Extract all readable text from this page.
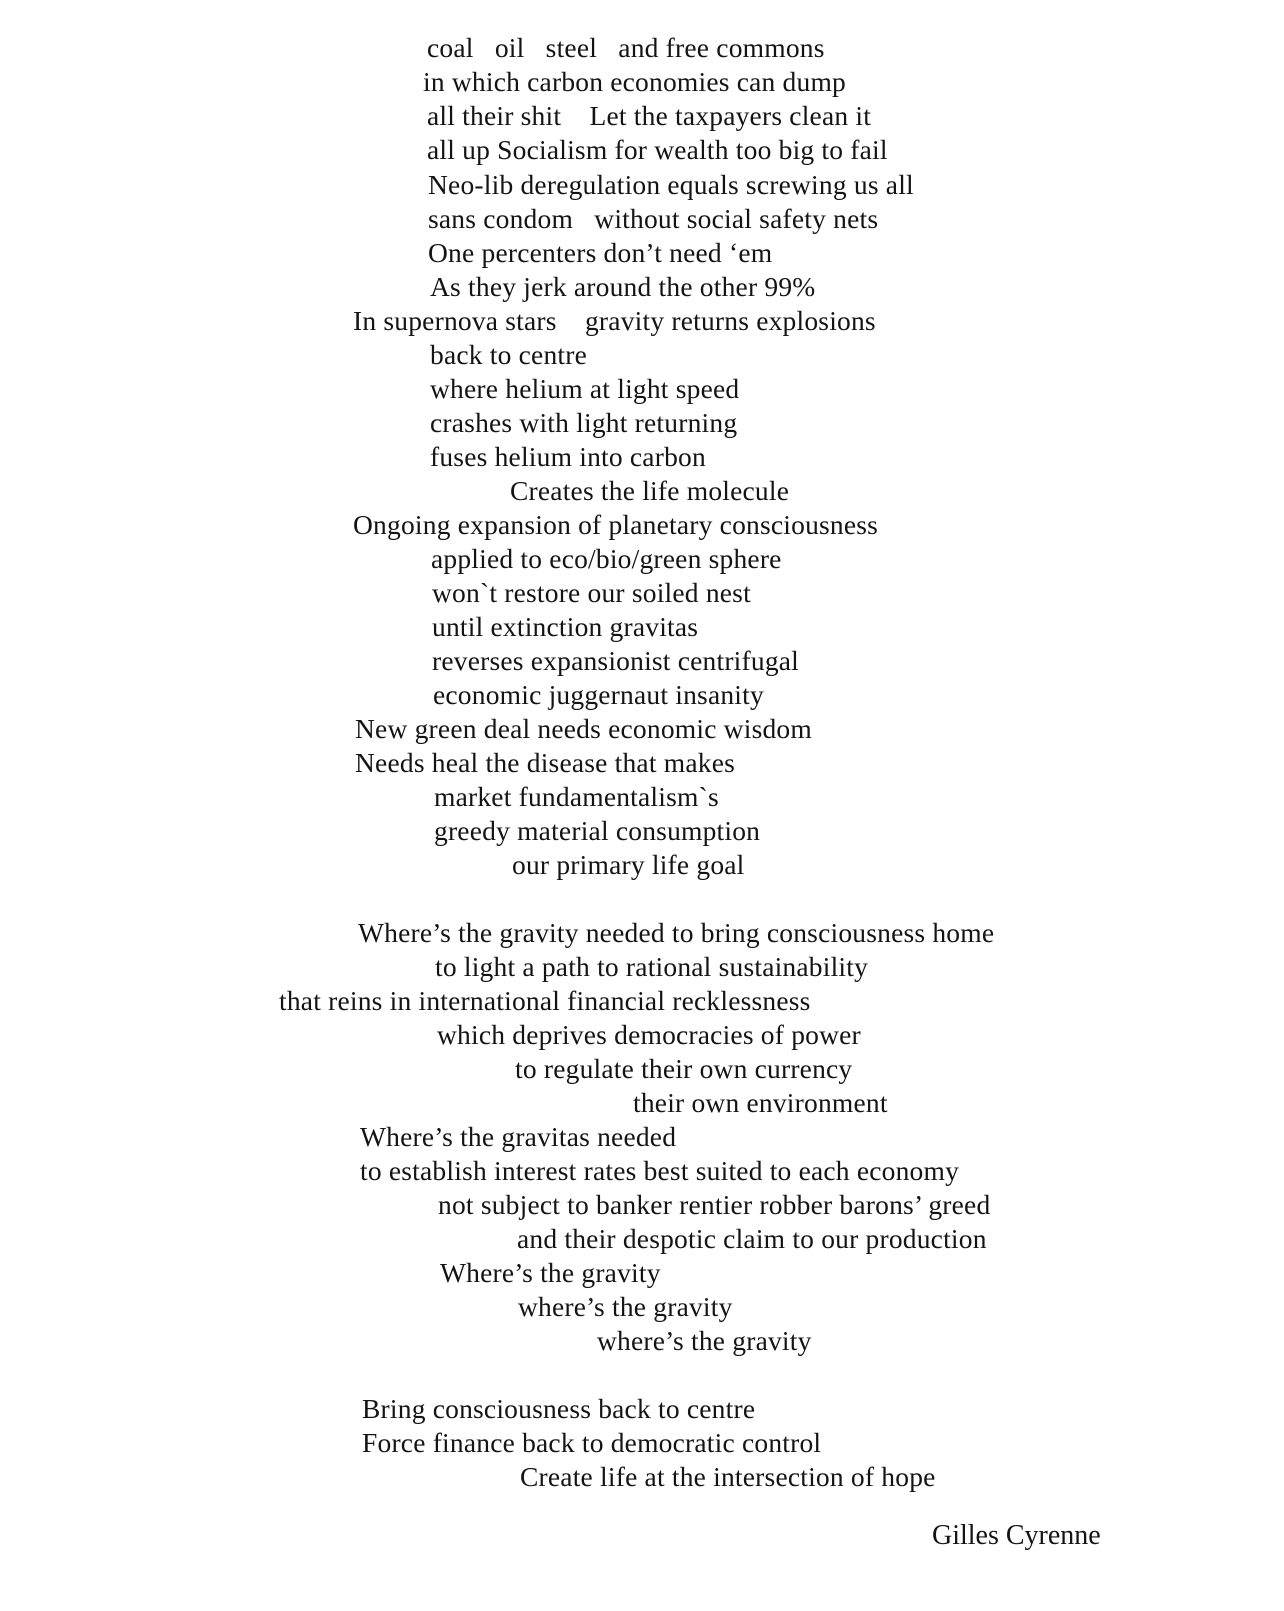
coal   oil   steel   and free commons
in which carbon economies can dump
all their shit    Let the taxpayers clean it
all up Socialism for wealth too big to fail
Neo-lib deregulation equals screwing us all
sans condom   without social safety nets
One percenters don’t need ‘em
As they jerk around the other 99%
In supernova stars    gravity returns explosions
back to centre
where helium at light speed
crashes with light returning
fuses helium into carbon
Creates the life molecule
Ongoing expansion of planetary consciousness
applied to eco/bio/green sphere
won`t restore our soiled nest
until extinction gravitas
reverses expansionist centrifugal
economic juggernaut insanity
New green deal needs economic wisdom
Needs heal the disease that makes
market fundamentalism`s
greedy material consumption
our primary life goal
Where’s the gravity needed to bring consciousness home
to light a path to rational sustainability
that reins in international financial recklessness
which deprives democracies of power
to regulate their own currency
their own environment
Where’s the gravitas needed
to establish interest rates best suited to each economy
not subject to banker rentier robber barons’ greed
and their despotic claim to our production
Where’s the gravity
where’s the gravity
where’s the gravity
Bring consciousness back to centre
Force finance back to democratic control
Create life at the intersection of hope
Gilles Cyrenne
